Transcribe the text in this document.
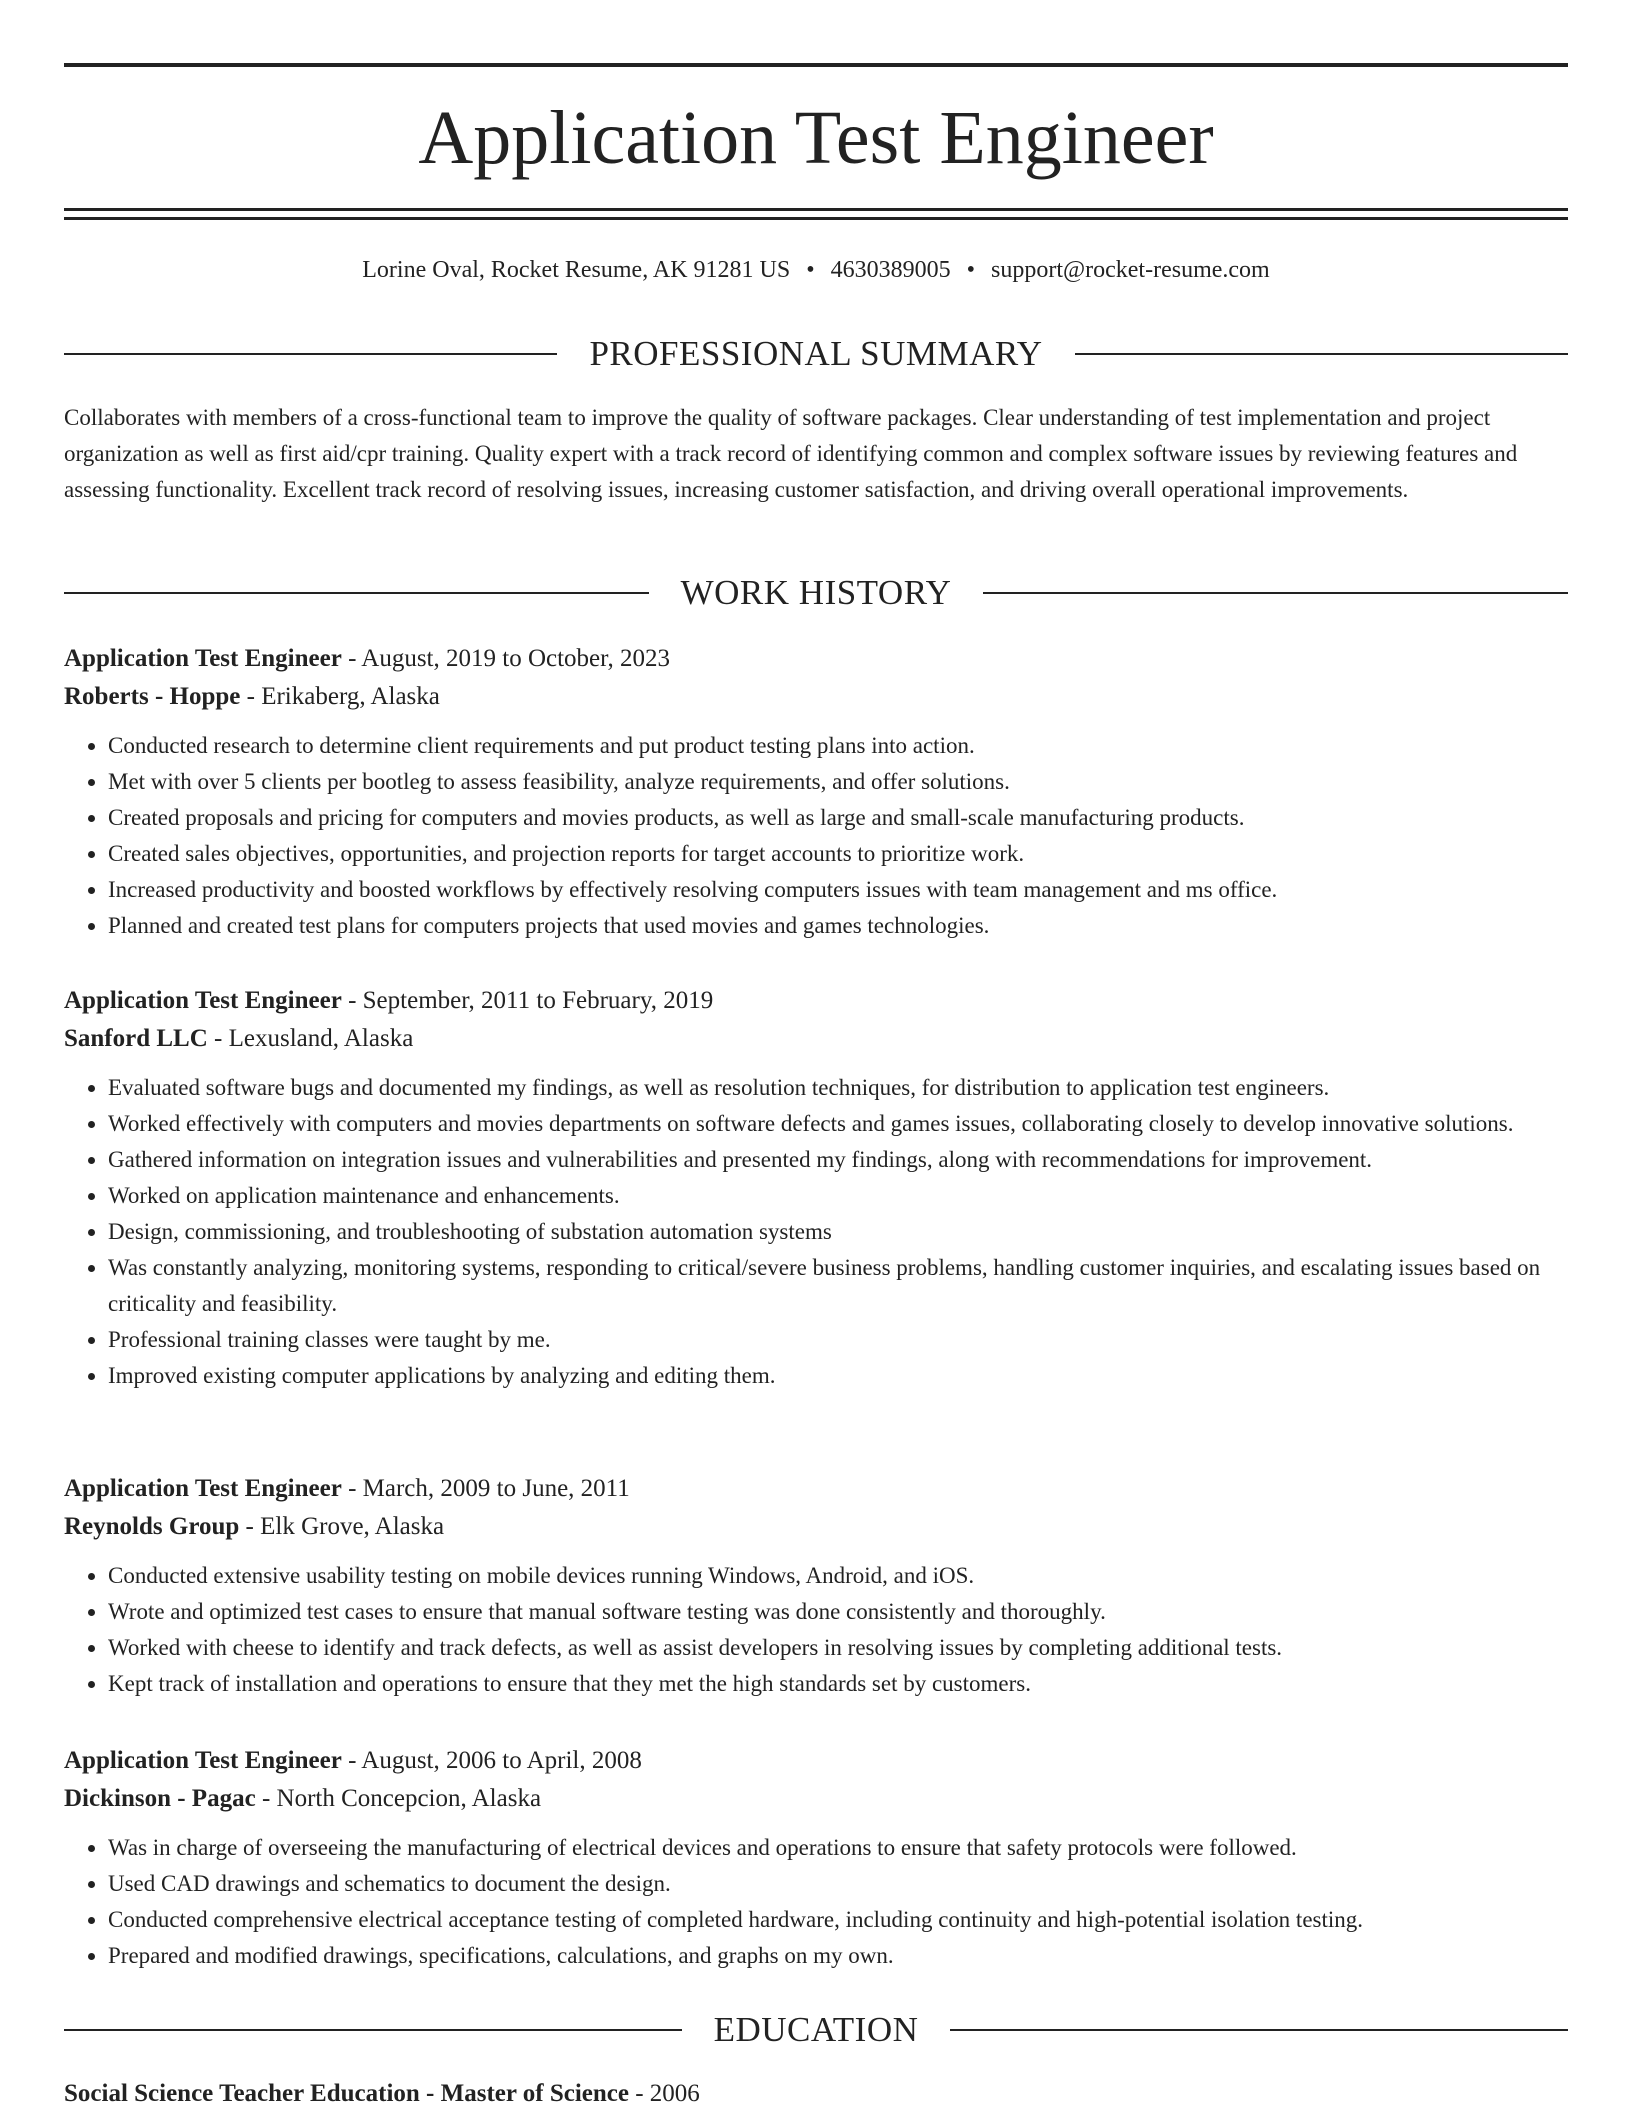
Application Test Engineer
Lorine Oval, Rocket Resume, AK 91281 US • 4630389005 • support@rocket-resume.com
PROFESSIONAL SUMMARY

Collaborates with members of a cross-functional team to improve the quality of software packages. Clear understanding of test implementation and project organization as well as first aid/cpr training. Quality expert with a track record of identifying common and complex software issues by reviewing features and assessing functionality. Excellent track record of resolving issues, increasing customer satisfaction, and driving overall operational improvements.

WORK HISTORY
Application Test Engineer - August, 2019 to October, 2023
Roberts - Hoppe - Erikaberg, Alaska
• Conducted research to determine client requirements and put product testing plans into action.
• Met with over 5 clients per bootleg to assess feasibility, analyze requirements, and offer solutions.
• Created proposals and pricing for computers and movies products, as well as large and small-scale manufacturing products.
• Created sales objectives, opportunities, and projection reports for target accounts to prioritize work.
• Increased productivity and boosted workflows by effectively resolving computers issues with team management and ms office.
• Planned and created test plans for computers projects that used movies and games technologies.
Application Test Engineer - September, 2011 to February, 2019
Sanford LLC - Lexusland, Alaska
• Evaluated software bugs and documented my findings, as well as resolution techniques, for distribution to application test engineers.
• Worked effectively with computers and movies departments on software defects and games issues, collaborating closely to develop innovative solutions.
• Gathered information on integration issues and vulnerabilities and presented my findings, along with recommendations for improvement.
• Worked on application maintenance and enhancements.
• Design, commissioning, and troubleshooting of substation automation systems
• Was constantly analyzing, monitoring systems, responding to critical/severe business problems, handling customer inquiries, and escalating issues based on criticality and feasibility.
• Professional training classes were taught by me.
• Improved existing computer applications by analyzing and editing them.
Application Test Engineer - March, 2009 to June, 2011
Reynolds Group - Elk Grove, Alaska
• Conducted extensive usability testing on mobile devices running Windows, Android, and iOS.
• Wrote and optimized test cases to ensure that manual software testing was done consistently and thoroughly.
• Worked with cheese to identify and track defects, as well as assist developers in resolving issues by completing additional tests.
• Kept track of installation and operations to ensure that they met the high standards set by customers.
Application Test Engineer - August, 2006 to April, 2008
Dickinson - Pagac - North Concepcion, Alaska
• Was in charge of overseeing the manufacturing of electrical devices and operations to ensure that safety protocols were followed.
• Used CAD drawings and schematics to document the design.
• Conducted comprehensive electrical acceptance testing of completed hardware, including continuity and high-potential isolation testing.
• Prepared and modified drawings, specifications, calculations, and graphs on my own.
EDUCATION
Social Science Teacher Education - Master of Science - 2006
